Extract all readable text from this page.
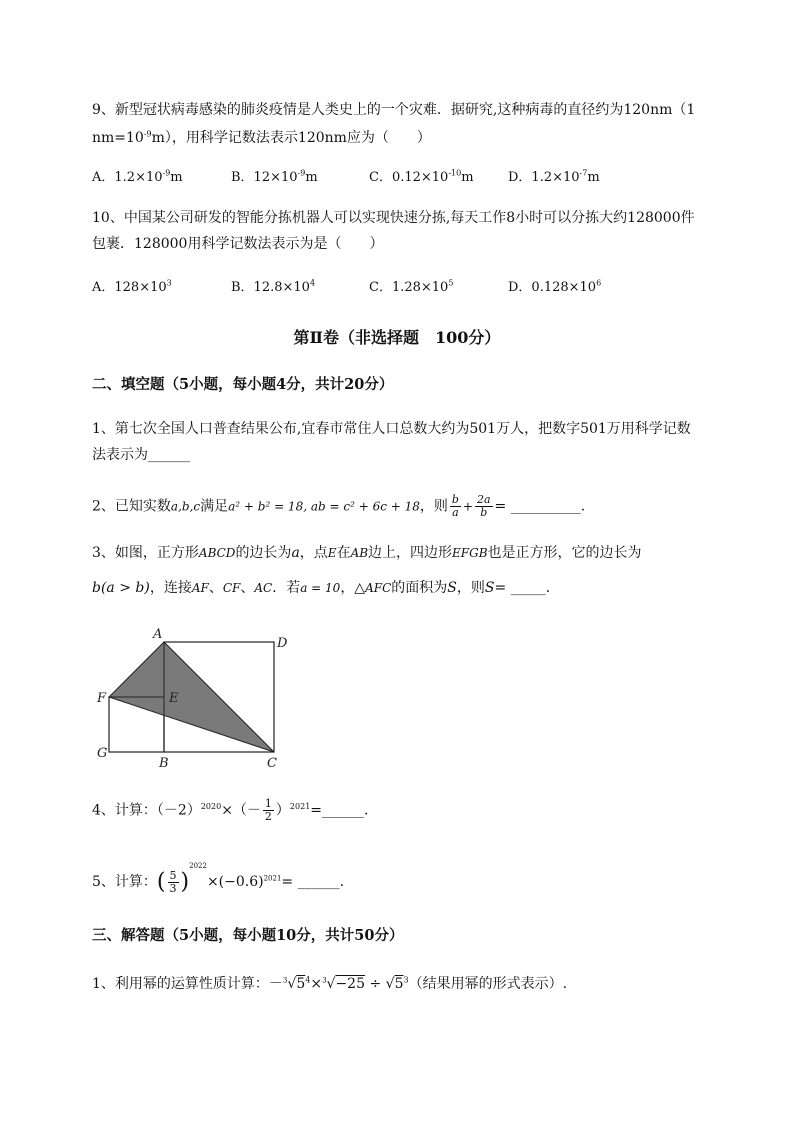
9、新型冠状病毒感染的肺炎疫情是人类史上的一个灾难．据研究,这种病毒的直径约为120nm（1
$nm=10^{-9}m$），用科学记数法表示120nm应为（　　）
A．$1.2\times 10^{-9}m$	B．$12\times 10^{-9}m$	C．$0.12\times 10^{-10}m$	D．$1.2\times 10^{-7}m$
10、中国某公司研发的智能分拣机器人可以实现快速分拣,每天工作8小时可以分拣大约128000件
包裹．128000用科学记数法表示为是（　　）
A．$128\times 10^3$	B．$12.8\times 10^4$	C．$1.28\times 10^5$	D．$0.128\times 10^6$
第Ⅱ卷（非选择题　100分）
二、填空题（5小题，每小题4分，共计20分）
1、第七次全国人口普查结果公布,宜春市常住人口总数大约为501万人，把数字501万用科学记数
法表示为______
2、已知实数a,b,c满足a² + b² = 18, ab = c² + 6c + 18，则 $\frac{b}{a} + \frac{2a}{b}$ = __________.
3、如图，正方形ABCD的边长为a，点E在AB边上，四边形EFGB也是正方形，它的边长为
b(a > b)，连接AF、CF、AC．若a = 10，△AFC的面积为S，则S= _____.
A
D
F	E
G
B	C
4、计算：$(-2)^{2020}\times(- \frac{1}{2}$ ）$^{2021}=\_\_\_\_\_\_$.
5、计算：( $\frac{5}{3} )^{2022}\times(-0.6)^{2021}=$ ______.
三、解答题（5小题，每小题10分，共计50分）
1、利用幂的运算性质计算：$-^3√5^4\times^3√-25 \div √5^3$（结果用幂的形式表示）.
